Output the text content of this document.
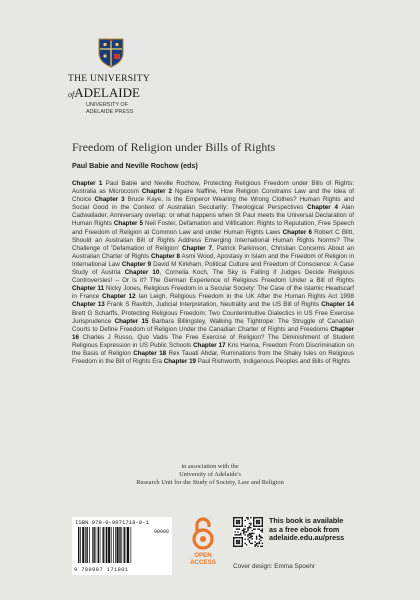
THE UNIVERSITY
ofADELAIDE
UNIVERSITY OF
ADELAIDE PRESS
Freedom of Religion under Bills of Rights
Paul Babie and Neville Rochow (eds)
Chapter 1 Paul Babie and Neville Rochow, Protecting Religious Freedom under Bills of Rights: Australia as Microcosm Chapter 2 Ngaire Naffine, How Religion Constrains Law and the Idea of Choice Chapter 3 Bruce Kaye, Is the Emperor Wearing the Wrong Clothes? Human Rights and Social Good in the Context of Australian Secularity: Theological Perspectives Chapter 4 Alan Cadwallader, Anniversary overlap: or what happens when St Paul meets the Universal Declaration of Human Rights Chapter 5 Neil Foster, Defamation and Vilification: Rights to Reputation, Free Speech and Freedom of Religion at Common Law and under Human Rights Laws Chapter 6 Robert C Blitt, Should an Australian Bill of Rights Address Emerging International Human Rights Norms? The Challenge of 'Defamation of Religion' Chapter 7, Patrick Parkinson, Christian Concerns About an Australian Charter of Rights Chapter 8 Asmi Wood, Apostasy in Islam and the Freedom of Religion in International Law Chapter 9 David M Kirkham, Political Culture and Freedom of Conscience: A Case Study of Austria Chapter 10, Cornelia Koch, The Sky is Falling if Judges Decide Religious Controversies! – Or is it? The German Experience of Religious Freedom Under a Bill of Rights Chapter 11 Nicky Jones, Religious Freedom in a Secular Society: The Case of the Islamic Headscarf in France Chapter 12 Ian Leigh, Religious Freedom in the UK After the Human Rights Act 1998 Chapter 13 Frank S Ravitch, Judicial Interpretation, Neutrality and the US Bill of Rights Chapter 14 Brett G Scharffs, Protecting Religious Freedom: Two Counterintuitive Dialectics in US Free Exercise Jurisprudence Chapter 15 Barbara Billingsley, Walking the Tightrope: The Struggle of Canadian Courts to Define Freedom of Religion Under the Canadian Charter of Rights and Freedoms Chapter 16 Charles J Russo, Quo Vadis The Free Exercise of Religion? The Diminishment of Student Religious Expression in US Public Schools Chapter 17 Kris Hanna, Freedom From Discrimination on the Basis of Religion Chapter 18 Rex Tauati Ahdar, Ruminations from the Shaky Isles on Religious Freedom in the Bill of Rights Era Chapter 19 Paul Rishworth, Indigenous Peoples and Bills of Rights
in association with the
University of Adelaide's
Research Unit for the Study of Society, Law and Religion
ISBN 978-0-9871718-0-1
90000
9 780987 171801
OPEN
ACCESS
This book is available
as a free ebook from
adelaide.edu.au/press
Cover design: Emma Spoehr
